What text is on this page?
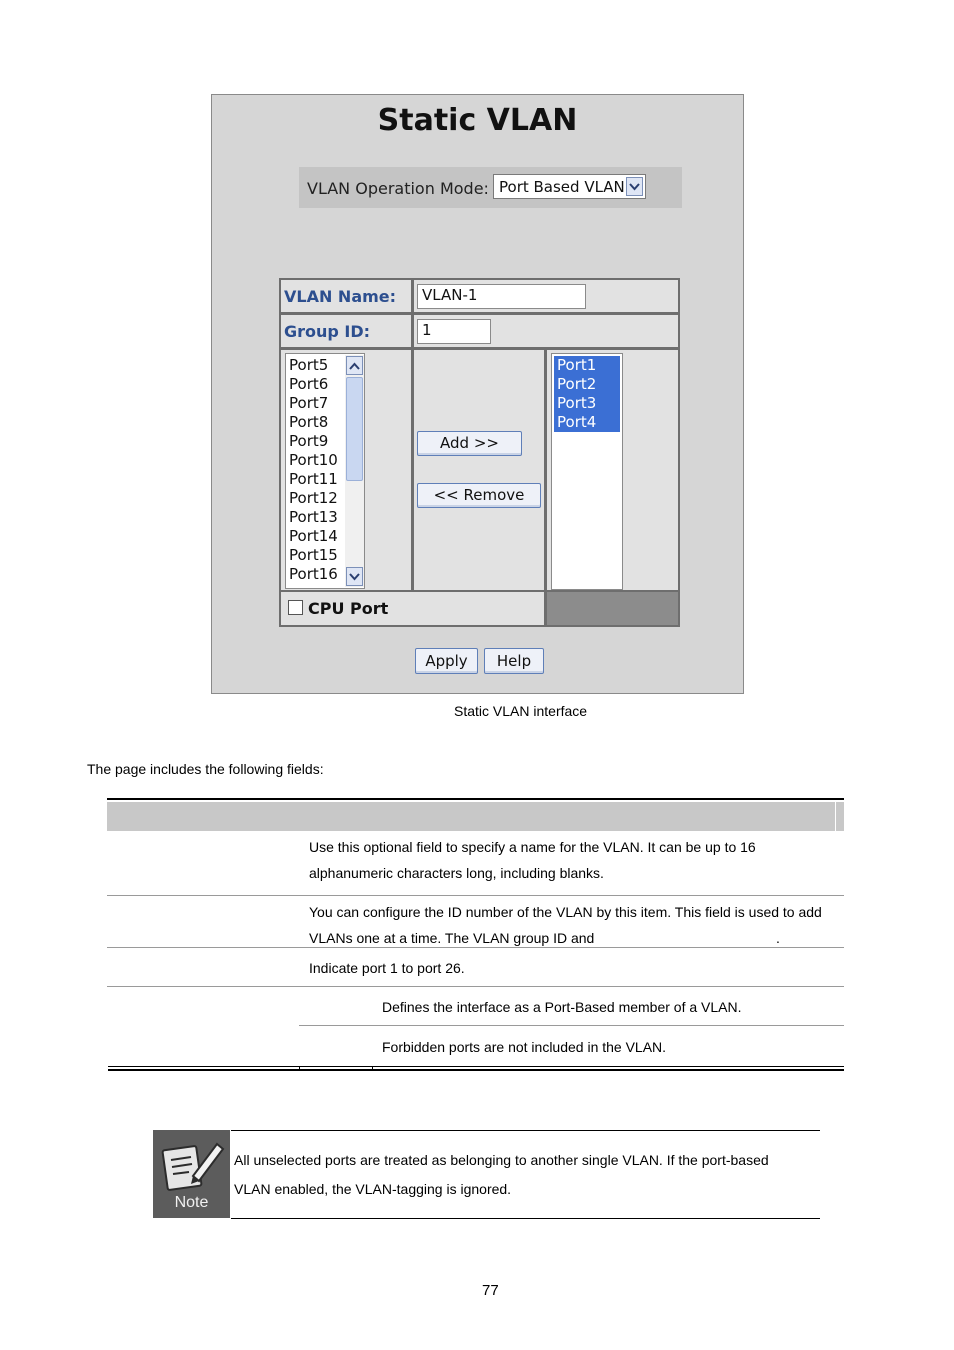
Static VLAN
VLAN Operation Mode: Port Based VLAN
VLAN Name:	VLAN-1
Group ID:	1
Port5
Port6
Port7
Port8
Port9
Port10
Port11
Port12
Port13
Port14
Port15
Port16
Add >>
<< Remove
Port1
Port2
Port3
Port4
CPU Port
Apply	Help
Static VLAN interface
The page includes the following fields:
Use this optional field to specify a name for the VLAN. It can be up to 16
alphanumeric characters long, including blanks.
You can configure the ID number of the VLAN by this item. This field is used to add
VLANs one at a time. The VLAN group ID and	.
Indicate port 1 to port 26.
Defines the interface as a Port-Based member of a VLAN.
Forbidden ports are not included in the VLAN.
Note
All unselected ports are treated as belonging to another single VLAN. If the port-based
VLAN enabled, the VLAN-tagging is ignored.
77
